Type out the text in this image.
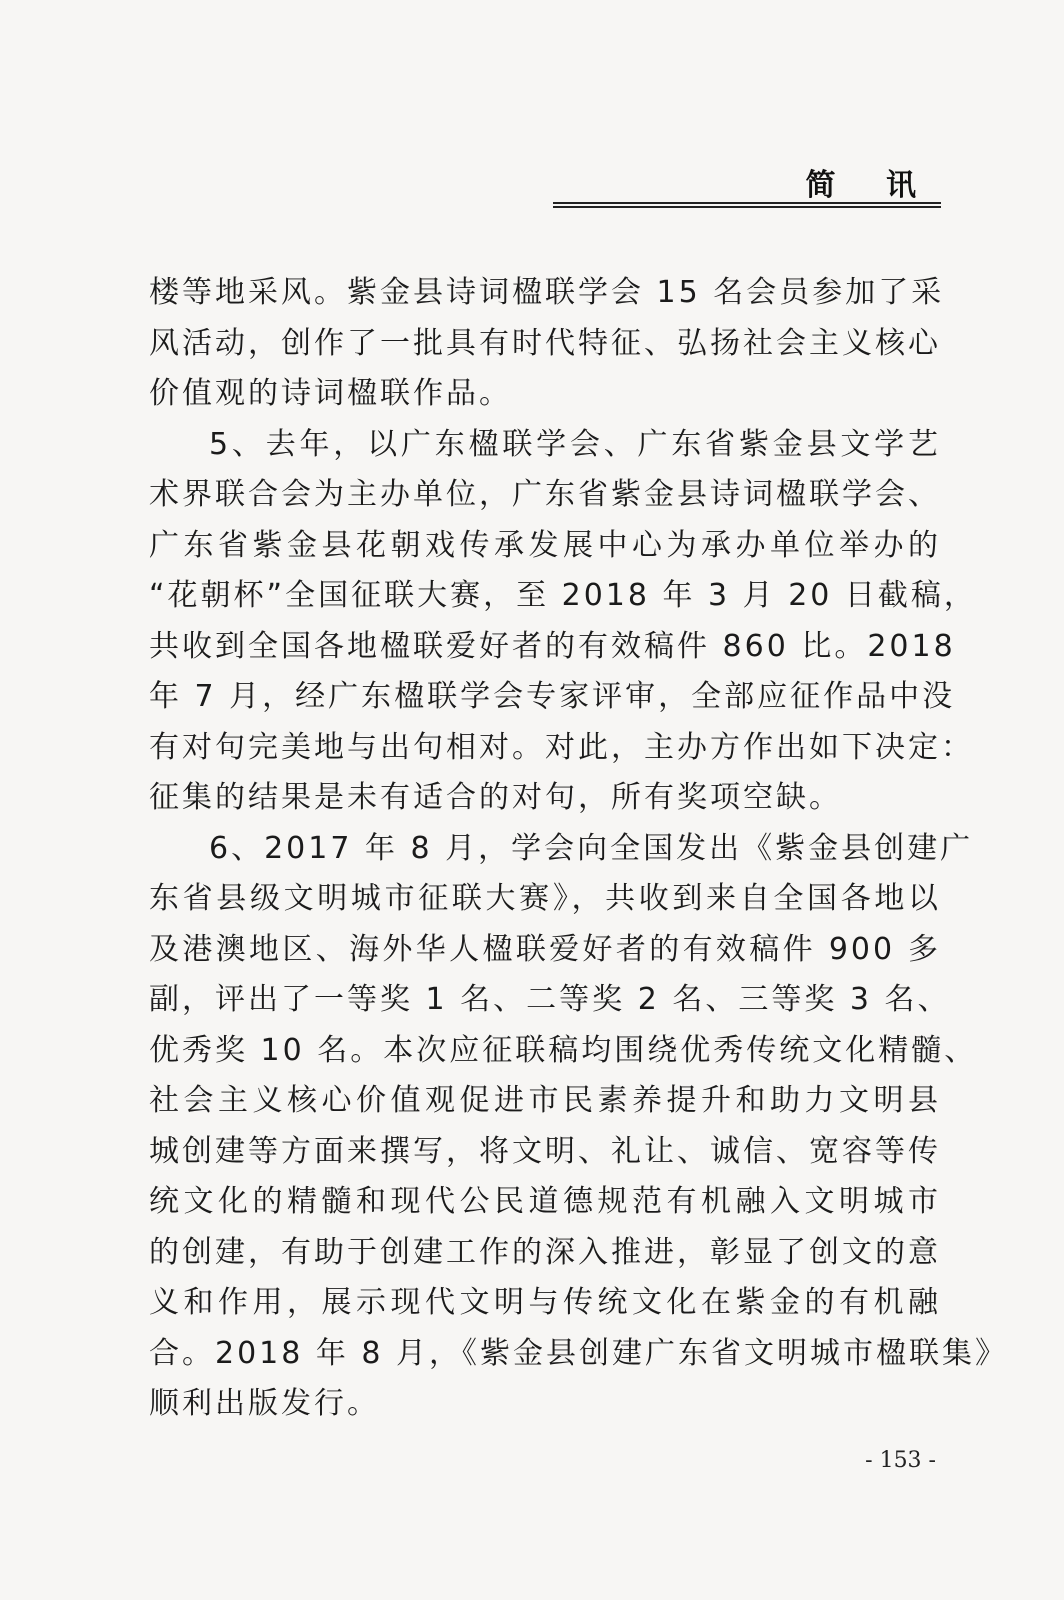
简 讯
楼等地采风。紫金县诗词楹联学会 15 名会员参加了采
风活动，创作了一批具有时代特征、弘扬社会主义核心
价值观的诗词楹联作品。
5、去年，以广东楹联学会、广东省紫金县文学艺
术界联合会为主办单位，广东省紫金县诗词楹联学会、
广东省紫金县花朝戏传承发展中心为承办单位举办的
“花朝杯”全国征联大赛，至 2018 年 3 月 20 日截稿，
共收到全国各地楹联爱好者的有效稿件 860 比。2018
年 7 月，经广东楹联学会专家评审，全部应征作品中没
有对句完美地与出句相对。对此，主办方作出如下决定：
征集的结果是未有适合的对句，所有奖项空缺。
6、2017 年 8 月，学会向全国发出《紫金县创建广
东省县级文明城市征联大赛》，共收到来自全国各地以
及港澳地区、海外华人楹联爱好者的有效稿件 900 多
副，评出了一等奖 1 名、二等奖 2 名、三等奖 3 名、
优秀奖 10 名。本次应征联稿均围绕优秀传统文化精髓、
社会主义核心价值观促进市民素养提升和助力文明县
城创建等方面来撰写，将文明、礼让、诚信、宽容等传
统文化的精髓和现代公民道德规范有机融入文明城市
的创建，有助于创建工作的深入推进，彰显了创文的意
义和作用，展示现代文明与传统文化在紫金的有机融
合。2018 年 8 月，《紫金县创建广东省文明城市楹联集》
顺利出版发行。
- 153 -
